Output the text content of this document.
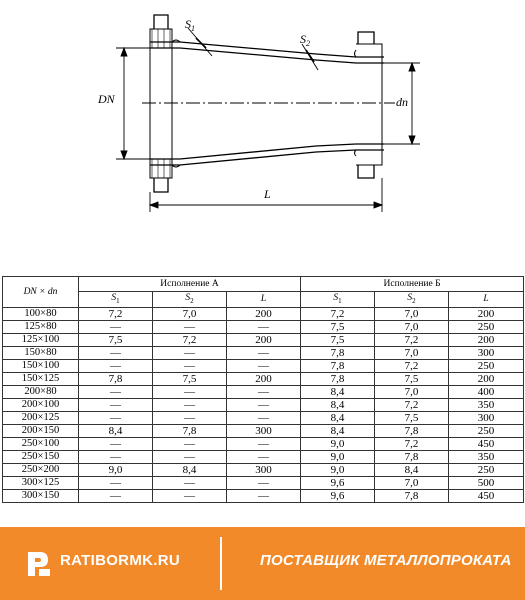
DN	dn
L
$S_1$
$S_2$
DN × dn	Исполнение А			Исполнение Б		
	$S_1$	$S_2$	L	$S_1$	$S_2$	L
100×80	7,2	7,0	200	7,2	7,0	200
125×80	—	—	—	7,5	7,0	250
125×100	7,5	7,2	200	7,5	7,2	200
150×80	—	—	—	7,8	7,0	300
150×100	—	—	—	7,8	7,2	250
150×125	7,8	7,5	200	7,8	7,5	200
200×80	—	—	—	8,4	7,0	400
200×100	—	—	—	8,4	7,2	350
200×125	—	—	—	8,4	7,5	300
200×150	8,4	7,8	300	8,4	7,8	250
250×100	—	—	—	9,0	7,2	450
250×150	—	—	—	9,0	7,8	350
250×200	9,0	8,4	300	9,0	8,4	250
300×125	—	—	—	9,6	7,0	500
300×150	—	—	—	9,6	7,8	450
RATIBORMK.RU	ПОСТАВЩИК МЕТАЛЛОПРОКАТА
